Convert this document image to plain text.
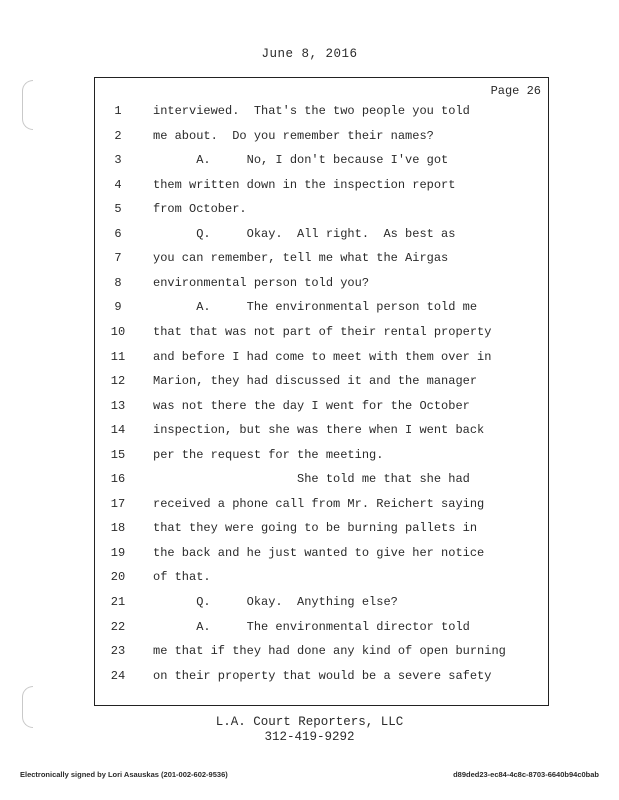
June 8, 2016
Page 26
1	interviewed.  That's the two people you told
2	me about.  Do you remember their names?
3	A.     No, I don't because I've got
4	them written down in the inspection report
5	from October.
6	Q.     Okay.  All right.  As best as
7	you can remember, tell me what the Airgas
8	environmental person told you?
9	A.     The environmental person told me
10	that that was not part of their rental property
11	and before I had come to meet with them over in
12	Marion, they had discussed it and the manager
13	was not there the day I went for the October
14	inspection, but she was there when I went back
15	per the request for the meeting.
16	She told me that she had
17	received a phone call from Mr. Reichert saying
18	that they were going to be burning pallets in
19	the back and he just wanted to give her notice
20	of that.
21	Q.     Okay.  Anything else?
22	A.     The environmental director told
23	me that if they had done any kind of open burning
24	on their property that would be a severe safety
L.A. Court Reporters, LLC
312-419-9292
Electronically signed by Lori Asauskas (201-002-602-9536)	d89ded23-ec84-4c8c-8703-6640b94c0bab
